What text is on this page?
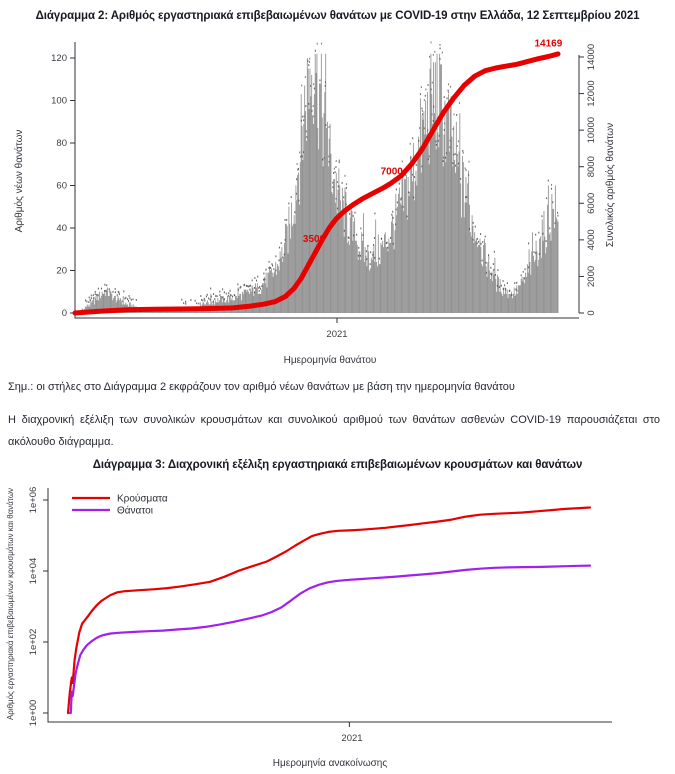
Διάγραμμα 2: Αριθμός εργαστηριακά επιβεβαιωμένων θανάτων με COVID-19 στην Ελλάδα, 12 Σεπτεμβρίου 2021
0
20
40
60
80
100
120
0
2000
4000
6000
8000
10000
12000
14000
3500
7000
14169
Αριθμός νέων θανάτων	Συνολικός αριθμός θανάτων
2021
Ημερομηνία θανάτου
Σημ.: οι στήλες στο Διάγραμμα 2 εκφράζουν τον αριθμό νέων θανάτων με βάση την ημερομηνία θανάτου
Η διαχρονική εξέλιξη των συνολικών κρουσμάτων και συνολικού αριθμού των θανάτων ασθενών COVID-19 παρουσιάζεται στο ακόλουθο διάγραμμα.
Διάγραμμα 3: Διαχρονική εξέλιξη εργαστηριακά επιβεβαιωμένων κρουσμάτων και θανάτων
1e+00
1e+02
1e+04
1e+06
Αριθμός εργαστηριακά επιβεβαιωμένων κρουσμάτων και θανάτων
2021
Ημερομηνία ανακοίνωσης
Κρούσματα
Θάνατοι
